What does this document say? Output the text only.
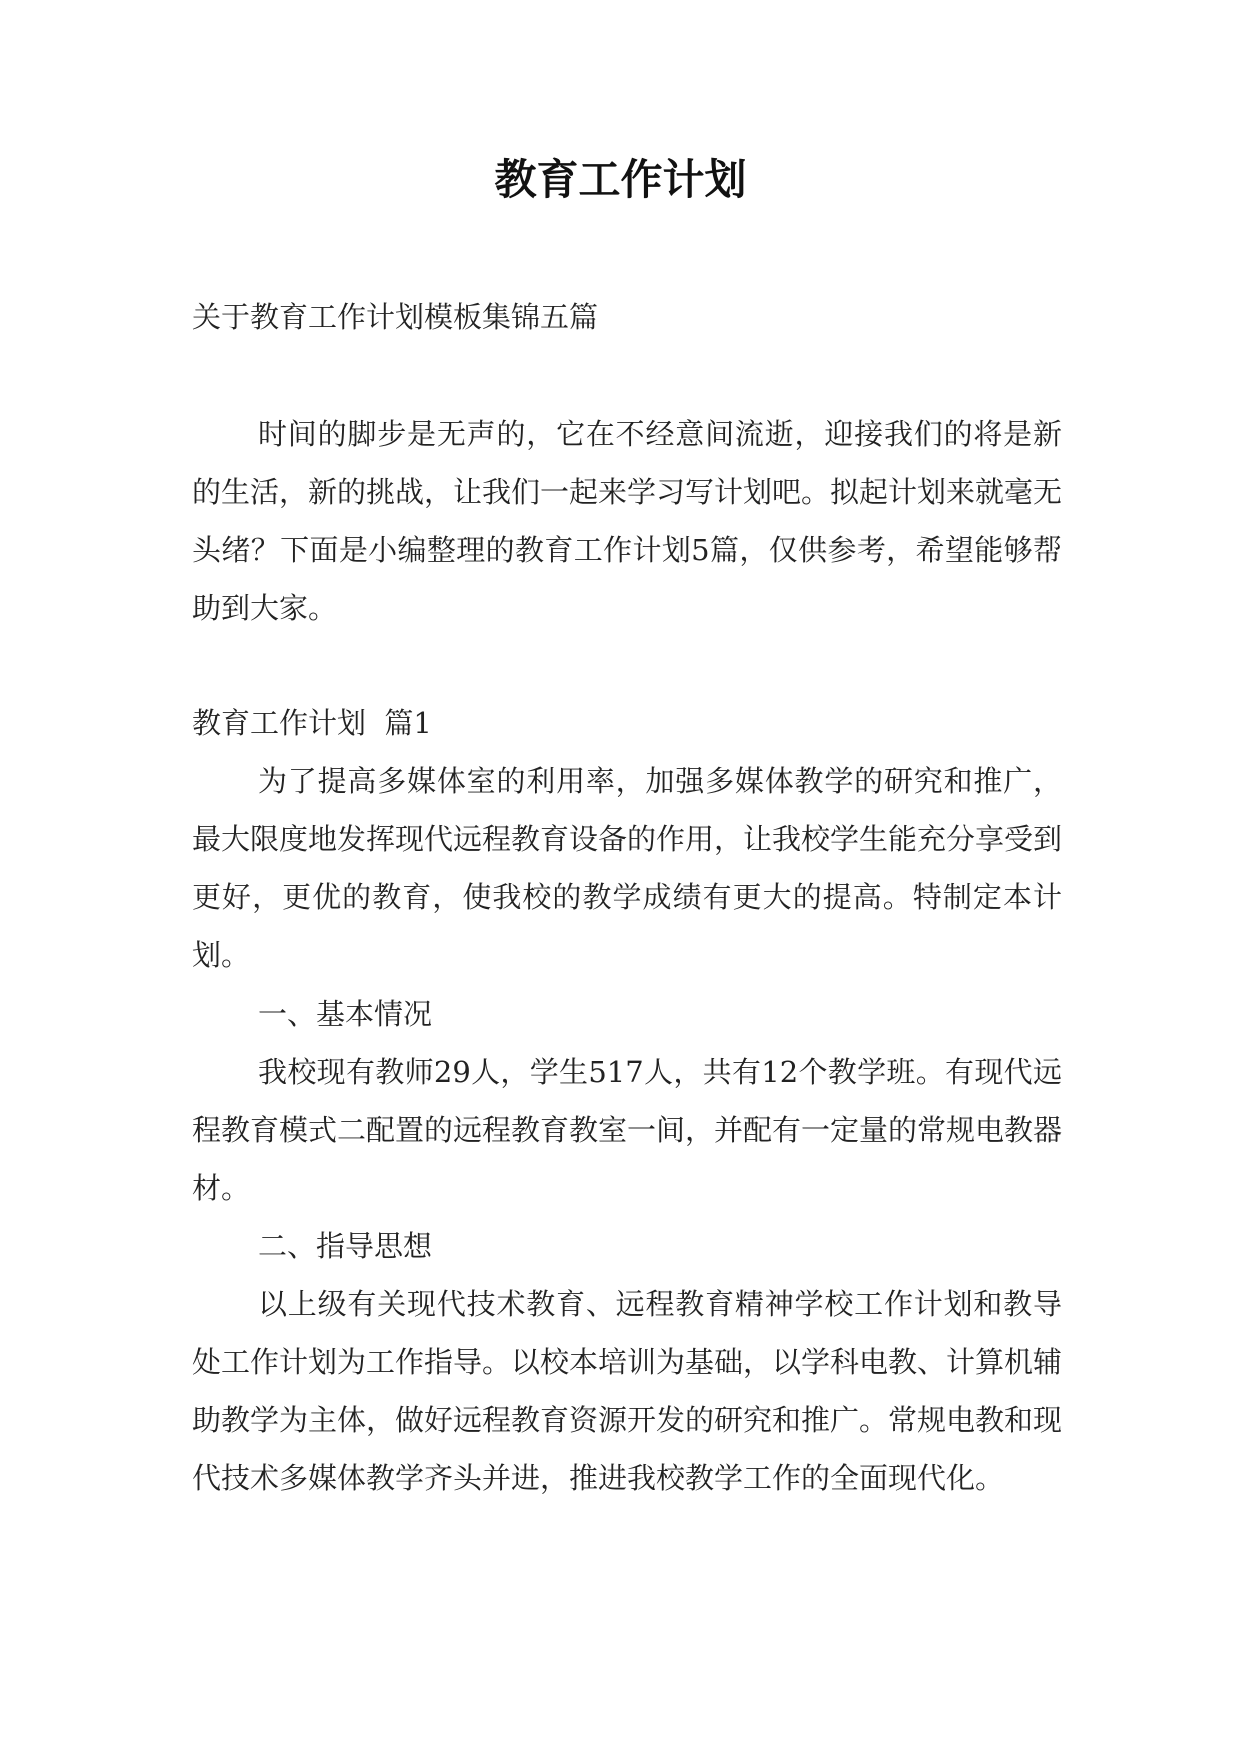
教育工作计划

关于教育工作计划模板集锦五篇

时间的脚步是无声的，它在不经意间流逝，迎接我们的将是新的生活，新的挑战，让我们一起来学习写计划吧。拟起计划来就毫无头绪？下面是小编整理的教育工作计划5篇，仅供参考，希望能够帮助到大家。

教育工作计划  篇1

为了提高多媒体室的利用率，加强多媒体教学的研究和推广，最大限度地发挥现代远程教育设备的作用，让我校学生能充分享受到更好，更优的教育，使我校的教学成绩有更大的提高。特制定本计划。

一、基本情况

我校现有教师29人，学生517人，共有12个教学班。有现代远程教育模式二配置的远程教育教室一间，并配有一定量的常规电教器材。

二、指导思想

以上级有关现代技术教育、远程教育精神学校工作计划和教导处工作计划为工作指导。以校本培训为基础，以学科电教、计算机辅助教学为主体，做好远程教育资源开发的研究和推广。常规电教和现代技术多媒体教学齐头并进，推进我校教学工作的全面现代化。
